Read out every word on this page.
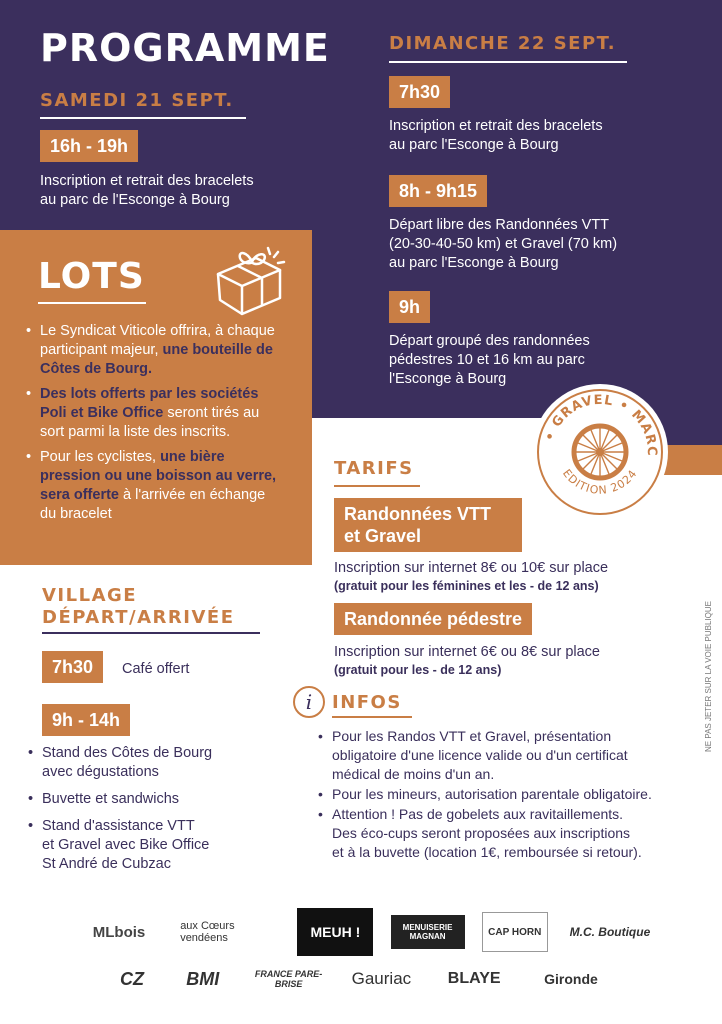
PROGRAMME
SAMEDI 21 SEPT.
16h - 19h
Inscription et retrait des bracelets
au parc de l'Esconge à Bourg
DIMANCHE 22 SEPT.
7h30
Inscription et retrait des bracelets
au parc l'Esconge à Bourg
8h - 9h15
Départ libre des Randonnées VTT
(20-30-40-50 km) et Gravel (70 km)
au parc l'Esconge à Bourg
9h
Départ groupé des randonnées
pédestres 10 et 16 km au parc
l'Esconge à Bourg
LOTS
• Le Syndicat Viticole offrira, à chaque participant majeur, une bouteille de Côtes de Bourg.
• Des lots offerts par les sociétés Poli et Bike Office seront tirés au sort parmi la liste des inscrits.
• Pour les cyclistes, une bière pression ou une boisson au verre, sera offerte à l'arrivée en échange du bracelet
• GRAVEL • MARC
EDITION 2024
TARIFS
Randonnées VTT
et Gravel
Inscription sur internet 8€ ou 10€ sur place
(gratuit pour les féminines et les - de 12 ans)
Randonnée pédestre
Inscription sur internet 6€ ou 8€ sur place
(gratuit pour les - de 12 ans)	NE PAS JETER SUR LA VOIE PUBLIQUE
VILLAGE
DÉPART/ARRIVÉE
7h30	Café offert
9h - 14h
• Stand des Côtes de Bourg
avec dégustations
• Buvette et sandwichs
• Stand d'assistance VTT
et Gravel avec Bike Office
St André de Cubzac
i	INFOS
• Pour les Randos VTT et Gravel, présentation
obligatoire d'une licence valide ou d'un certificat
médical de moins d'un an.
• Pour les mineurs, autorisation parentale obligatoire.
• Attention ! Pas de gobelets aux ravitaillements.
Des éco-cups seront proposées aux inscriptions
et à la buvette (location 1€, remboursée si retour).
MLbois	aux Cœurs vendéens	MEUH !	MENUISERIE MAGNAN	CAP HORN	M.C. Boutique
CZ	BMI	FRANCE PARE-BRISE	Gauriac	BLAYE	Gironde
